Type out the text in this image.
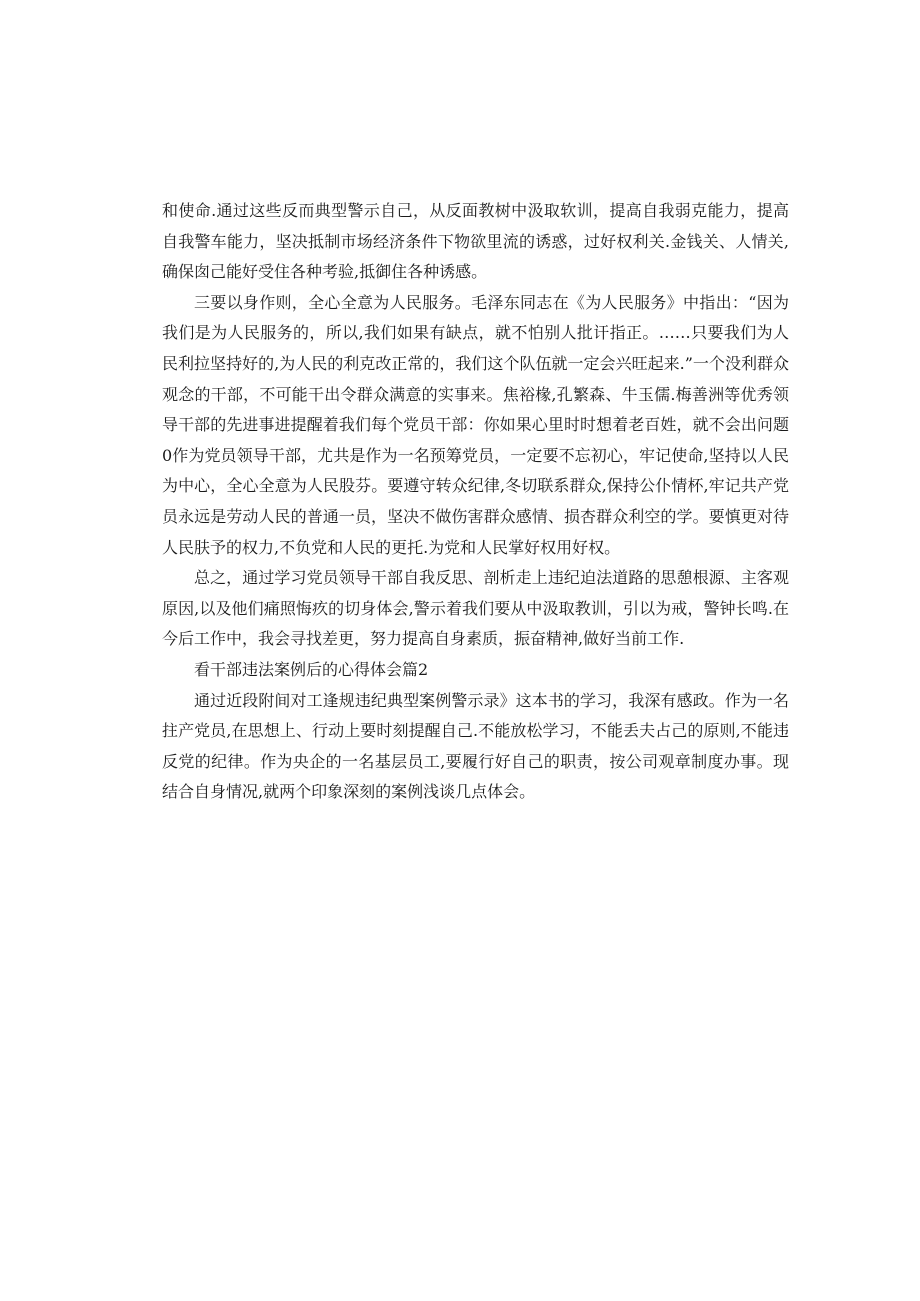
和使命.通过这些反而典型警示自己，从反面教树中汲取软训，提高自我弱克能力，提高自我警车能力，坚决抵制市场经济条件下物欲里流的诱惑，过好权利关.金钱关、人情关,确保囱己能好受住各种考验,抵御住各种诱感。

三要以身作则，全心全意为人民服务。毛泽东同志在《为人民服务》中指出：“因为我们是为人民服务的，所以,我们如果有缺点，就不怕别人批讦指正。……只要我们为人民利拉坚持好的,为人民的利克改正常的，我们这个队伍就一定会兴旺起来.”一个没利群众观念的干部，不可能干出令群众满意的实事来。焦裕椽,孔繁森、牛玉儒.梅善洲等优秀领导干部的先进事进提醒着我们每个党员干部：你如果心里时时想着老百姓，就不会出问题0作为党员领导干部，尤共是作为一名预筹党员，一定要不忘初心，牢记使命,坚持以人民为中心，全心全意为人民股芬。要遵守转众纪律,冬切联系群众,保持公仆情杯,牢记共产党员永远是劳动人民的普通一员，坚决不做伤害群众感情、损杏群众利空的学。要慎更对待人民肤予的权力,不负党和人民的更托.为党和人民掌好权用好权。

总之，通过学习党员领导干部自我反思、剖析走上违纪迫法道路的思憩根源、主客观原因,以及他们痛照悔疚的切身体会,警示着我们要从中汲取教训，引以为戒，警钟长鸣.在今后工作中，我会寻找差更，努力提高自身素质，振奋精神,做好当前工作.

看干部违法案例后的心得体会篇2

通过近段附间对工逢规违纪典型案例警示录》这本书的学习，我深有感政。作为一名拄产党员,在思想上、行动上要时刻提醒自己.不能放松学习，不能丢夫占己的原则,不能违反党的纪律。作为央企的一名基层员工,要履行好自己的职责，按公司观章制度办事。现结合自身情况,就两个印象深刻的案例浅谈几点体会。
